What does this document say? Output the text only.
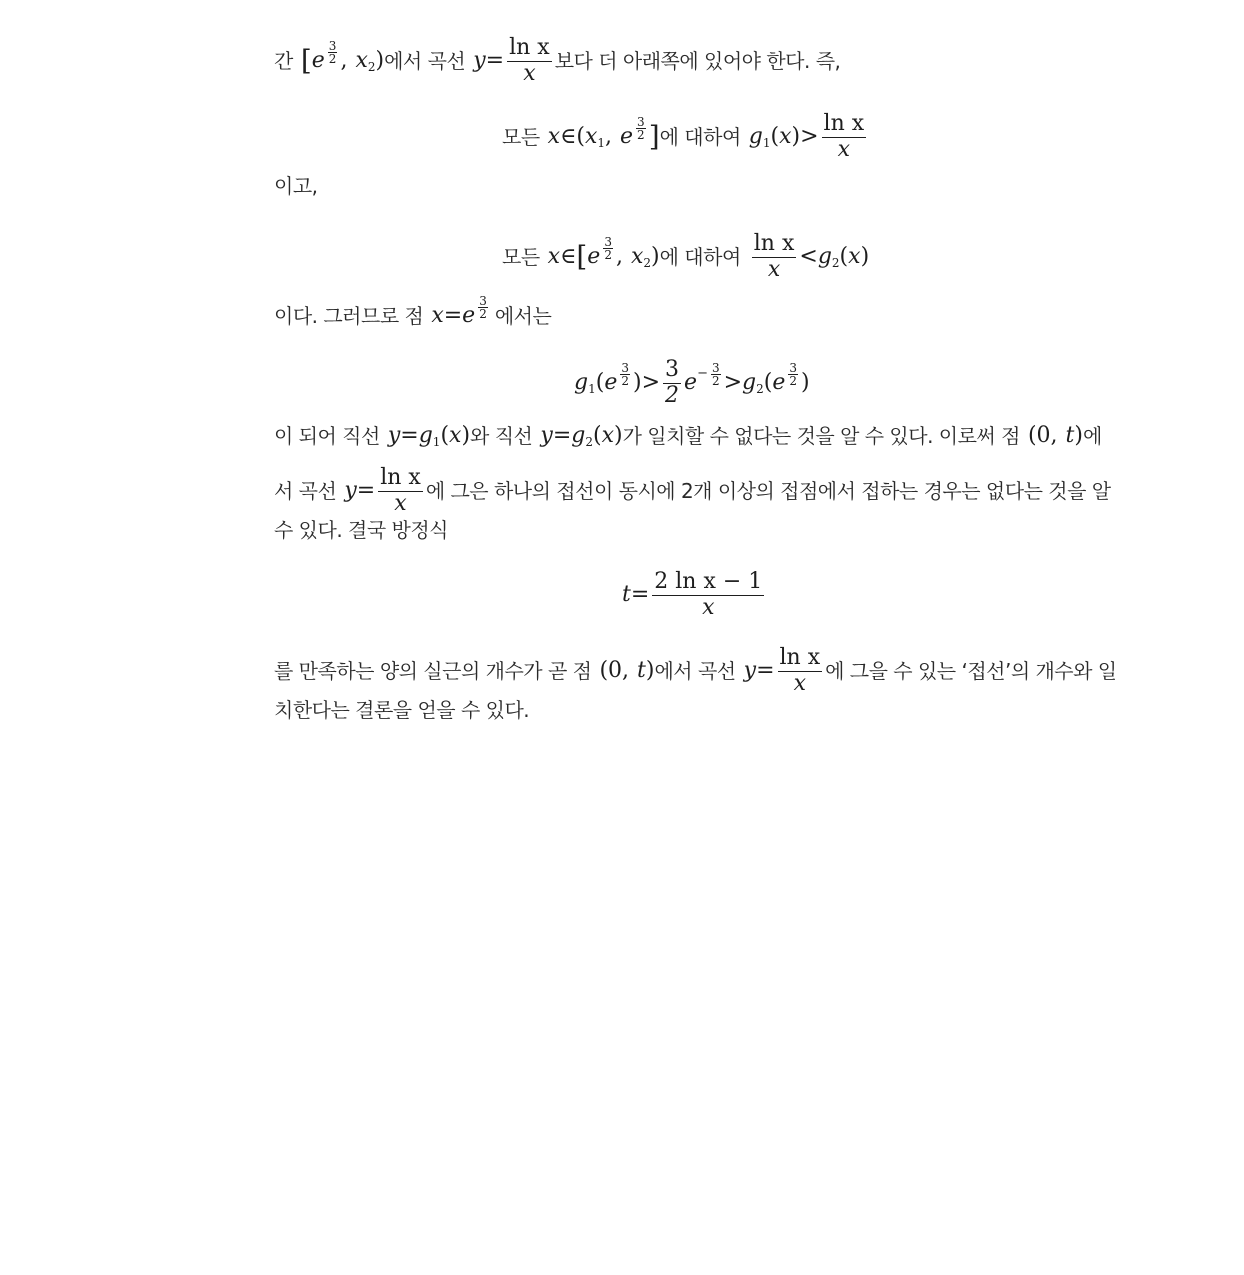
간 [ e $\frac{3}{2}$ , x 2 ) 에서 곡선 $y = \frac{\text{ln x}}{x}$ 보다 더 아래쪽에 있어야 한다. 즉,
모든 x ∈ ( x 1 , e $\frac{3}{2}$ ] 에 대하여 g 1 ( x ) > $\frac{\text{ln x}}{x}$
이고,
모든 x ∈ [ e $\frac{3}{2}$ , x 2 ) 에 대하여 $\frac{\text{ln x}}{x} < g$ 2 ( x )
이다. 그러므로 점 x = e $\frac{3}{2}$ 에서는
g 1 ( e $\frac{3}{2}$ ) > $\frac{3}{2}$ $e - \frac{3}{2} > g$ 2 ( e $\frac{3}{2}$ )
이 되어 직선 y = g 1 ( x ) 와 직선 y = g 2 ( x ) 가 일치할 수 없다는 것을 알 수 있다. 이로써 점 ( 0 , t ) 에
서 곡선 $y = \frac{\text{ln x}}{x}$ 에 그은 하나의 접선이 동시에 2개 이상의 접점에서 접하는 경우는 없다는 것을 알
수 있다. 결국 방정식
$t = \frac{\text{2 ln x − 1}}{x}$
를 만족하는 양의 실근의 개수가 곧 점 ( 0 , t ) 에서 곡선 $y = \frac{\text{ln x}}{x}$ 에 그을 수 있는 ‘접선’의 개수와 일
치한다는 결론을 얻을 수 있다.
